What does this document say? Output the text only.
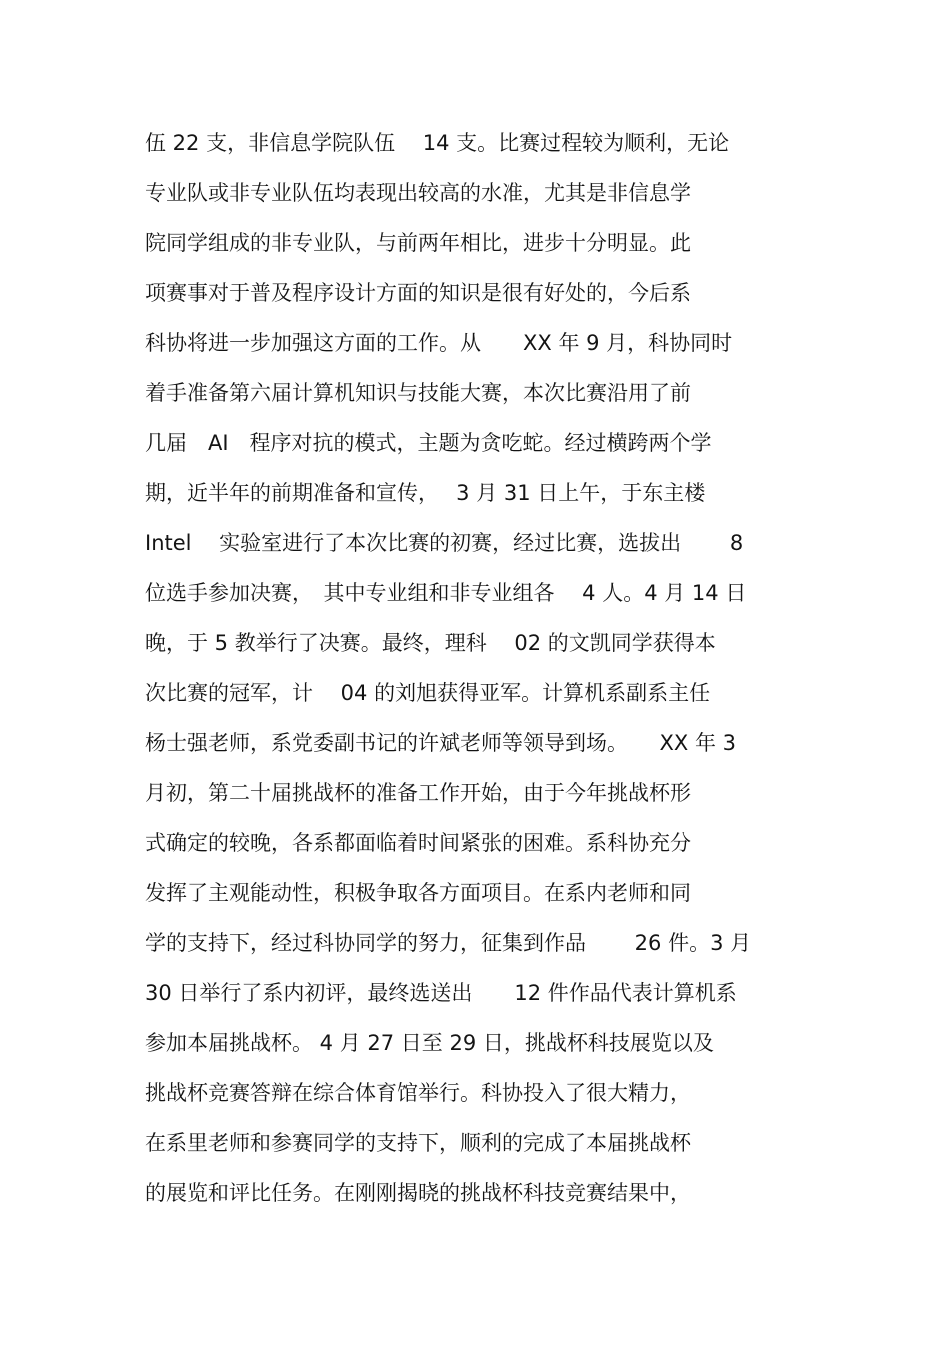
伍 22 支，非信息学院队伍　 14 支。比赛过程较为顺利，无论
专业队或非专业队伍均表现出较高的水准，尤其是非信息学
院同学组成的非专业队，与前两年相比，进步十分明显。此
项赛事对于普及程序设计方面的知识是很有好处的，今后系
科协将进一步加强这方面的工作。从　　XX 年 9 月，科协同时
着手准备第六届计算机知识与技能大赛，本次比赛沿用了前
几届　AI　程序对抗的模式，主题为贪吃蛇。经过横跨两个学
期，近半年的前期准备和宣传，　 3 月 31 日上午，于东主楼
Intel　 实验室进行了本次比赛的初赛，经过比赛，选拔出　　 8
位选手参加决赛，　其中专业组和非专业组各　 4 人。4 月 14 日
晚，于 5 教举行了决赛。最终，理科　 02 的文凯同学获得本
次比赛的冠军，计　 04 的刘旭获得亚军。计算机系副系主任
杨士强老师，系党委副书记的许斌老师等领导到场。　　XX 年 3
月初，第二十届挑战杯的准备工作开始，由于今年挑战杯形
式确定的较晚，各系都面临着时间紧张的困难。系科协充分
发挥了主观能动性，积极争取各方面项目。在系内老师和同
学的支持下，经过科协同学的努力，征集到作品　　 26 件。3 月
30 日举行了系内初评，最终选送出　　12 件作品代表计算机系
参加本届挑战杯。 4 月 27 日至 29 日，挑战杯科技展览以及
挑战杯竞赛答辩在综合体育馆举行。科协投入了很大精力，
在系里老师和参赛同学的支持下，顺利的完成了本届挑战杯
的展览和评比任务。在刚刚揭晓的挑战杯科技竞赛结果中，
